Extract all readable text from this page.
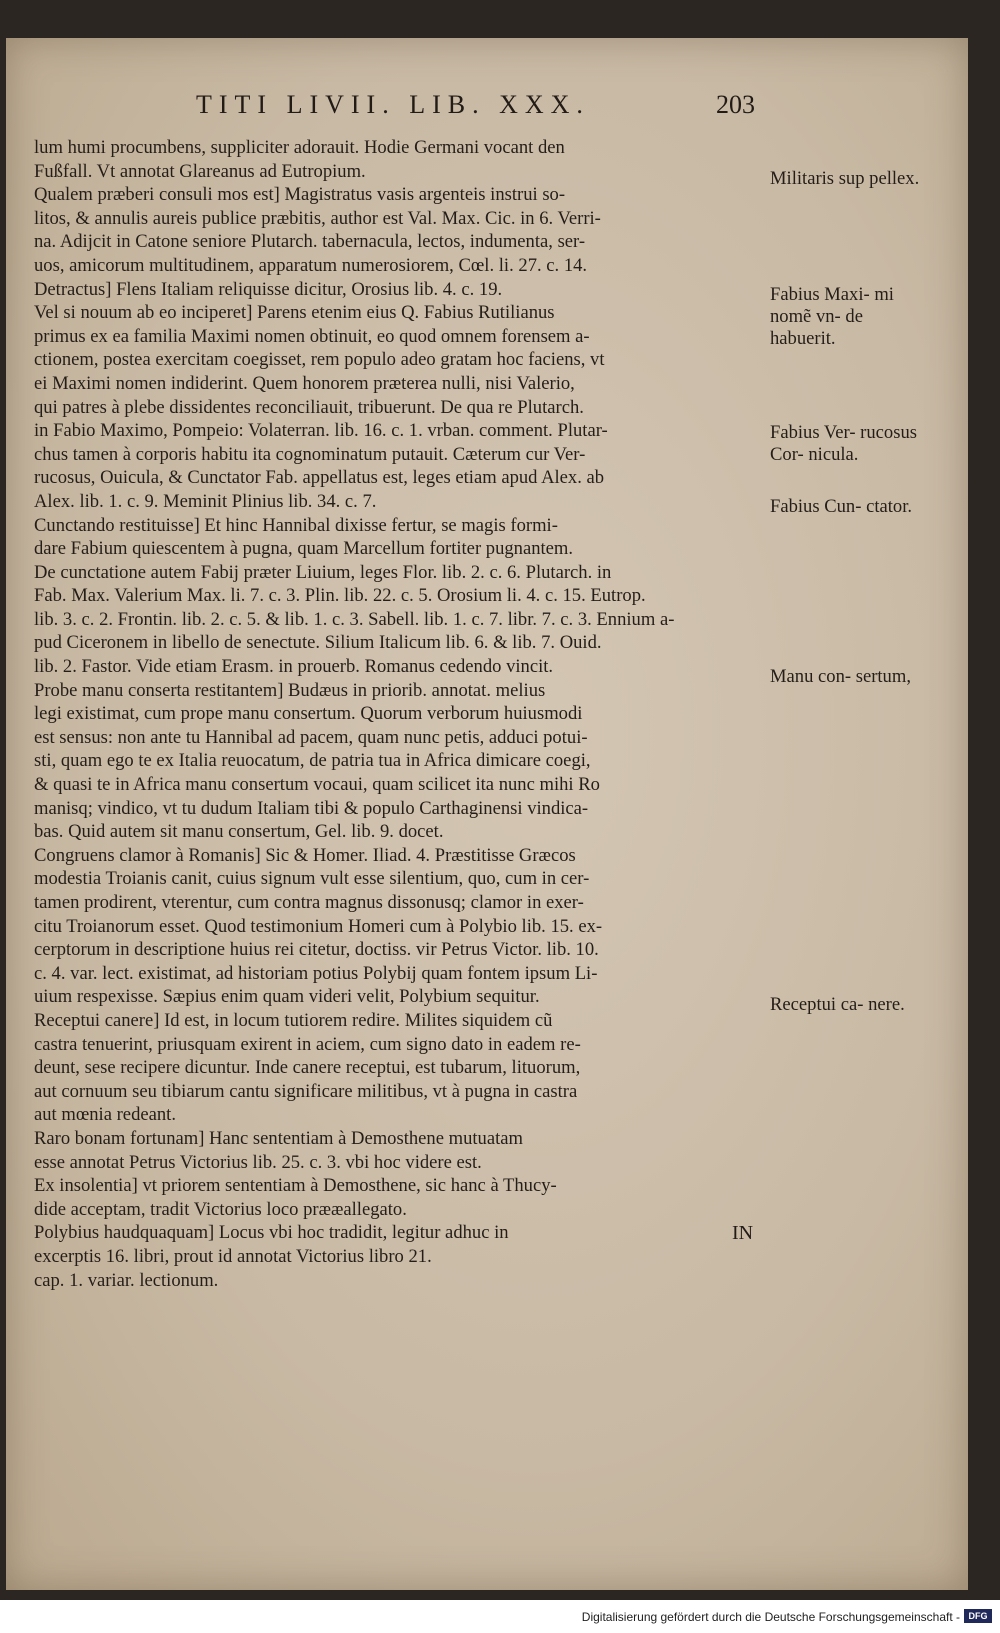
TITI LIVII. LIB. XXX.	203
lum humi procumbens, suppliciter adorauit. Hodie Germani vocant den
Fußfall. Vt annotat Glareanus ad Eutropium.
Qualem præberi consuli mos est] Magistratus vasis argenteis instrui so-
litos, & annulis aureis publice præbitis, author est Val. Max. Cic. in 6. Verri-
na. Adijcit in Catone seniore Plutarch. tabernacula, lectos, indumenta, ser-
uos, amicorum multitudinem, apparatum numerosiorem, Cœl. li. 27. c. 14.
Detractus] Flens Italiam reliquisse dicitur, Orosius lib. 4. c. 19.
Vel si nouum ab eo inciperet] Parens etenim eius Q. Fabius Rutilianus
primus ex ea familia Maximi nomen obtinuit, eo quod omnem forensem a-
ctionem, postea exercitam coegisset, rem populo adeo gratam hoc faciens, vt
ei Maximi nomen indiderint. Quem honorem præterea nulli, nisi Valerio,
qui patres à plebe dissidentes reconciliauit, tribuerunt. De qua re Plutarch.
in Fabio Maximo, Pompeio: Volaterran. lib. 16. c. 1. vrban. comment. Plutar-
chus tamen à corporis habitu ita cognominatum putauit. Cæterum cur Ver-
rucosus, Ouicula, & Cunctator Fab. appellatus est, leges etiam apud Alex. ab
Alex. lib. 1. c. 9. Meminit Plinius lib. 34. c. 7.
Cunctando restituisse] Et hinc Hannibal dixisse fertur, se magis formi-
dare Fabium quiescentem à pugna, quam Marcellum fortiter pugnantem.
De cunctatione autem Fabij præter Liuium, leges Flor. lib. 2. c. 6. Plutarch. in
Fab. Max. Valerium Max. li. 7. c. 3. Plin. lib. 22. c. 5. Orosium li. 4. c. 15. Eutrop.
lib. 3. c. 2. Frontin. lib. 2. c. 5. & lib. 1. c. 3. Sabell. lib. 1. c. 7. libr. 7. c. 3. Ennium a-
pud Ciceronem in libello de senectute. Silium Italicum lib. 6. & lib. 7. Ouid.
lib. 2. Fastor. Vide etiam Erasm. in prouerb. Romanus cedendo vincit.
Probe manu conserta restitantem] Budæus in priorib. annotat. melius
legi existimat, cum prope manu consertum. Quorum verborum huiusmodi
est sensus: non ante tu Hannibal ad pacem, quam nunc petis, adduci potui-
sti, quam ego te ex Italia reuocatum, de patria tua in Africa dimicare coegi,
& quasi te in Africa manu consertum vocaui, quam scilicet ita nunc mihi Ro
manisq; vindico, vt tu dudum Italiam tibi & populo Carthaginensi vindica-
bas. Quid autem sit manu consertum, Gel. lib. 9. docet.
Congruens clamor à Romanis] Sic & Homer. Iliad. 4. Præstitisse Græcos
modestia Troianis canit, cuius signum vult esse silentium, quo, cum in cer-
tamen prodirent, vterentur, cum contra magnus dissonusq; clamor in exer-
citu Troianorum esset. Quod testimonium Homeri cum à Polybio lib. 15. ex-
cerptorum in descriptione huius rei citetur, doctiss. vir Petrus Victor. lib. 10.
c. 4. var. lect. existimat, ad historiam potius Polybij quam fontem ipsum Li-
uium respexisse. Sæpius enim quam videri velit, Polybium sequitur.
Receptui canere] Id est, in locum tutiorem redire. Milites siquidem cũ
castra tenuerint, priusquam exirent in aciem, cum signo dato in eadem re-
deunt, sese recipere dicuntur. Inde canere receptui, est tubarum, lituorum,
aut cornuum seu tibiarum cantu significare militibus, vt à pugna in castra
aut mœnia redeant.
Raro bonam fortunam] Hanc sententiam à Demosthene mutuatam
esse annotat Petrus Victorius lib. 25. c. 3. vbi hoc videre est.
Ex insolentia] vt priorem sententiam à Demosthene, sic hanc à Thucy-
dide acceptam, tradit Victorius loco prææallegato.
Polybius haudquaquam] Locus vbi hoc tradidit, legitur adhuc in
excerptis 16. libri, prout id annotat Victorius libro 21.
cap. 1. variar. lectionum.
Militaris sup pellex.
Fabius Maxi- mi nomẽ vn- de habuerit.
Fabius Ver- rucosus Cor- nicula.
Fabius Cun- ctator.
Manu con- sertum,
Receptui ca- nere.
IN
Digitalisierung gefördert durch die Deutsche Forschungsgemeinschaft - DFG
